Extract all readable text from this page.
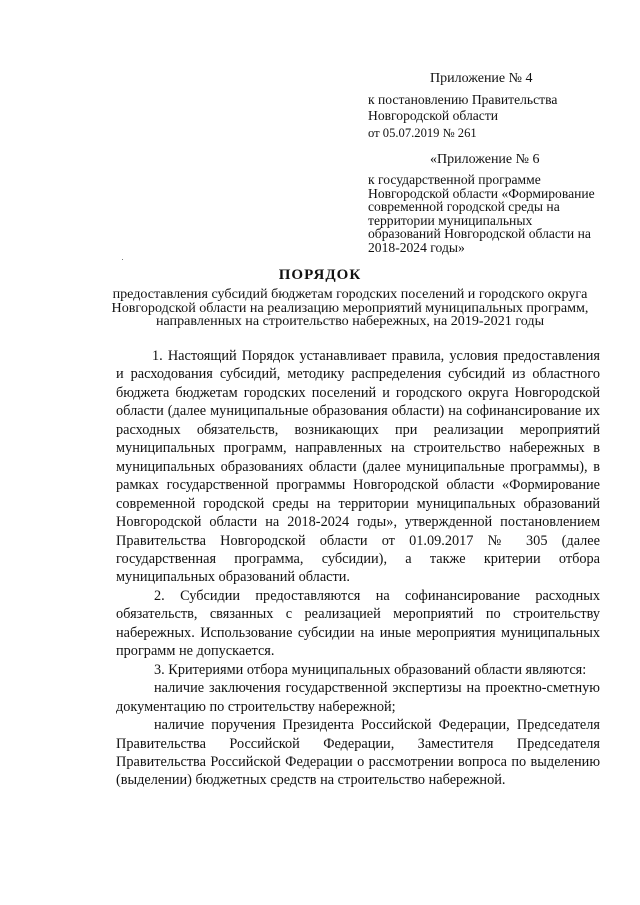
Приложение № 4
к постановлению Правительства
Новгородской области
от 05.07.2019 № 261
«Приложение № 6
к государственной программе Новгородской области «Формирование современной городской среды на территории муниципальных образований Новгородской области на 2018-2024 годы»
ПОРЯДОК
предоставления субсидий бюджетам городских поселений и городского округа Новгородской области на реализацию мероприятий муниципальных программ, направленных на строительство набережных, на 2019-2021 годы

1. Настоящий Порядок устанавливает правила, условия предоставления и расходования субсидий, методику распределения субсидий из областного бюджета бюджетам городских поселений и городского округа Новгородской области (далее муниципальные образования области) на софинансирование их расходных обязательств, возникающих при реализации мероприятий муниципальных программ, направленных на строительство набережных в муниципальных образованиях области (далее муниципальные программы), в рамках государственной программы Новгородской области «Формирование современной городской среды на территории муниципальных образований Новгородской области на 2018-2024 годы», утвержденной постановлением Правительства Новгородской области от 01.09.2017 № 305 (далее государственная программа, субсидии), а также критерии отбора муниципальных образований области.

2. Субсидии предоставляются на софинансирование расходных обязательств, связанных с реализацией мероприятий по строительству набережных. Использование субсидии на иные мероприятия муниципальных программ не допускается.

3. Критериями отбора муниципальных образований области являются:

наличие заключения государственной экспертизы на проектно-сметную документацию по строительству набережной;

наличие поручения Президента Российской Федерации, Председателя Правительства Российской Федерации, Заместителя Председателя Правительства Российской Федерации о рассмотрении вопроса по выделению (выделении) бюджетных средств на строительство набережной.
